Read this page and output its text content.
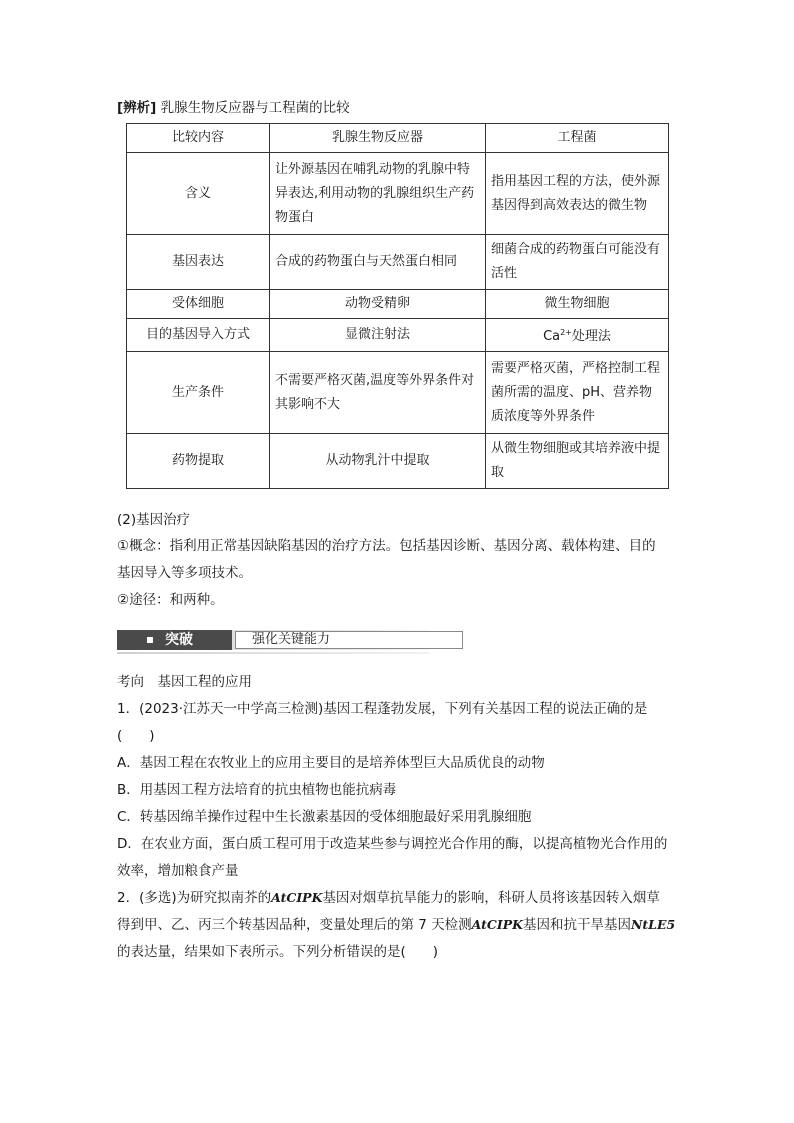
[辨析] 乳腺生物反应器与工程菌的比较
比较内容	乳腺生物反应器	工程菌
含义	让外源基因在哺乳动物的乳腺中特异表达,利用动物的乳腺组织生产药物蛋白	指用基因工程的方法，使外源基因得到高效表达的微生物
基因表达	合成的药物蛋白与天然蛋白相同	细菌合成的药物蛋白可能没有活性
受体细胞	动物受精卵	微生物细胞
目的基因导入方式	显微注射法	$Ca^{2+}$处理法
生产条件	不需要严格灭菌,温度等外界条件对其影响不大	需要严格灭菌，严格控制工程菌所需的温度、pH、营养物质浓度等外界条件
药物提取	从动物乳汁中提取	从微生物细胞或其培养液中提取
(2)基因治疗
①概念：指利用正常基因缺陷基因的治疗方法。包括基因诊断、基因分离、载体构建、目的
基因导入等多项技术。
②途径：和两种。
突破	强化关键能力
考向　基因工程的应用
1．(2023·江苏天一中学高三检测)基因工程蓬勃发展，下列有关基因工程的说法正确的是
(　　)
A．基因工程在农牧业上的应用主要目的是培养体型巨大品质优良的动物
B．用基因工程方法培育的抗虫植物也能抗病毒
C．转基因绵羊操作过程中生长激素基因的受体细胞最好采用乳腺细胞
D．在农业方面，蛋白质工程可用于改造某些参与调控光合作用的酶，以提高植物光合作用的
效率，增加粮食产量
2．(多选)为研究拟南芥的AtCIPK基因对烟草抗旱能力的影响，科研人员将该基因转入烟草
得到甲、乙、丙三个转基因品种，变量处理后的第 7 天检测AtCIPK基因和抗干旱基因NtLE5
的表达量，结果如下表所示。下列分析错误的是(　　)
